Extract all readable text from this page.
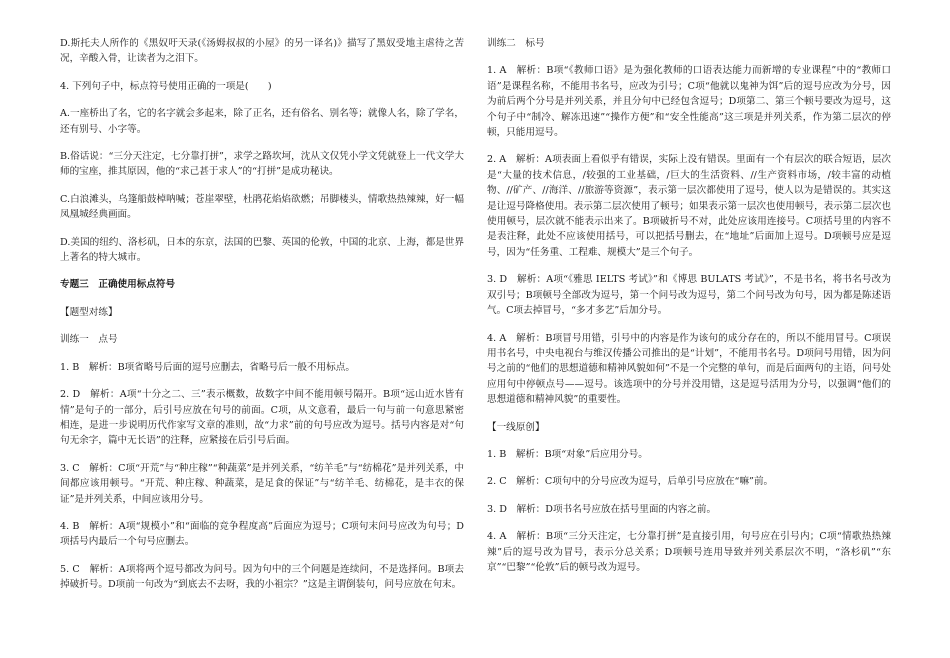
D.斯托夫人所作的《黑奴吁天录(《汤姆叔叔的小屋》的另一译名)》描写了黑奴受地主虐待之苦况，辛酸入骨，让读者为之泪下。
4. 下列句子中，标点符号使用正确的一项是(　　)
A.一座桥出了名，它的名字就会多起来，除了正名，还有俗名、别名等；就像人名，除了学名，还有别号、小字等。
B.俗话说：“三分天注定，七分靠打拼”，求学之路坎坷，沈从文仅凭小学文凭就登上一代文学大师的宝座，推其原因，他的“求己甚于求人”的“打拼”是成功秘诀。
C.白浪滩头，乌篷船鼓棹呐喊；苍崖翠壁，杜鹃花焰焰欲燃；吊脚楼头，情歌热热辣辣，好一幅凤凰城经典画面。
D.美国的纽约、洛杉矶，日本的东京，法国的巴黎、英国的伦敦，中国的北京、上海，都是世界上著名的特大城市。
专题三　正确使用标点符号
【题型对练】
训练一　点号
1. B　解析：B项省略号后面的逗号应删去，省略号后一般不用标点。
2. D　解析：A项“十分之二、三”表示概数，故数字中间不能用顿号隔开。B项“远山近水皆有情”是句子的一部分，后引号应放在句号的前面。C项，从文意看，最后一句与前一句意思紧密相连，是进一步说明历代作家写文章的准则，故“力求”前的句号应改为逗号。括号内容是对“句句无余字，篇中无长语”的注释，应紧接在后引号后面。
3. C　解析：C项“开荒”与“种庄稼”“种蔬菜”是并列关系，“纺羊毛”与“纺棉花”是并列关系，中间都应该用顿号。“开荒、种庄稼、种蔬菜，是足食的保证”与“纺羊毛、纺棉花，是丰衣的保证”是并列关系，中间应该用分号。
4. B　解析：A项“规模小”和“面临的竞争程度高”后面应为逗号；C项句末问号应改为句号；D项括号内最后一个句号应删去。
5. C　解析：A项将两个逗号都改为问号。因为句中的三个问题是连续问，不是选择问。B项去掉破折号。D项前一句改为“到底去不去呀，我的小祖宗？”这是主谓倒装句，问号应放在句末。
训练二　标号
1. A　解析：B项“《教师口语》是为强化教师的口语表达能力而新增的专业课程”中的“教师口语”是课程名称，不能用书名号，应改为引号；C项“他就以鬼神为饵”后的逗号应改为分号，因为前后两个分号是并列关系，并且分句中已经包含逗号；D项第二、第三个顿号要改为逗号，这个句子中“制冷、解冻迅速”“操作方便”和“安全性能高”这三项是并列关系，作为第二层次的停顿，只能用逗号。
2. A　解析：A项表面上看似乎有错误，实际上没有错误。里面有一个有层次的联合短语，层次是“大量的技术信息，/较强的工业基础，/巨大的生活资料、//生产资料市场，/较丰富的动植物、//矿产、//海洋、//旅游等资源”，表示第一层次都使用了逗号，使人以为是错误的。其实这是让逗号降格使用。表示第二层次使用了顿号；如果表示第一层次也使用顿号，表示第二层次也使用顿号，层次就不能表示出来了。B项破折号不对，此处应该用连接号。C项括号里的内容不是表注释，此处不应该使用括号，可以把括号删去，在“地址”后面加上逗号。D项顿号应是逗号，因为“任务重、工程难、规模大”是三个句子。
3. D　解析：A项“《雅思 IELTS 考试》”和《博思 BULATS 考试》”，不是书名，将书名号改为双引号；B项顿号全部改为逗号，第一个问号改为逗号，第二个问号改为句号，因为都是陈述语气。C项去掉冒号，“多才多艺”后加分号。
4. A　解析：B项冒号用错，引号中的内容是作为该句的成分存在的，所以不能用冒号。C项误用书名号，中央电视台与维汉传播公司推出的是“计划”，不能用书名号。D项问号用错，因为问号之前的“他们的思想道德和精神风貌如何”不是一个完整的单句，而是后面两句的主语，问号处应用句中停顿点号——逗号。该选项中的分号并没用错，这是逗号活用为分号，以强调“他们的思想道德和精神风貌”的重要性。
【一线原创】
1. B　解析：B项“对象”后应用分号。
2. C　解析：C项句中的分号应改为逗号，后单引号应放在“嘛”前。
3. D　解析：D项书名号应放在括号里面的内容之前。
4. A　解析：B项“三分天注定，七分靠打拼”是直接引用，句号应在引号内；C项“情歌热热辣辣”后的逗号改为冒号，表示分总关系；D项顿号连用导致并列关系层次不明，“洛杉矶”“东京”“巴黎”“伦敦”后的顿号改为逗号。
